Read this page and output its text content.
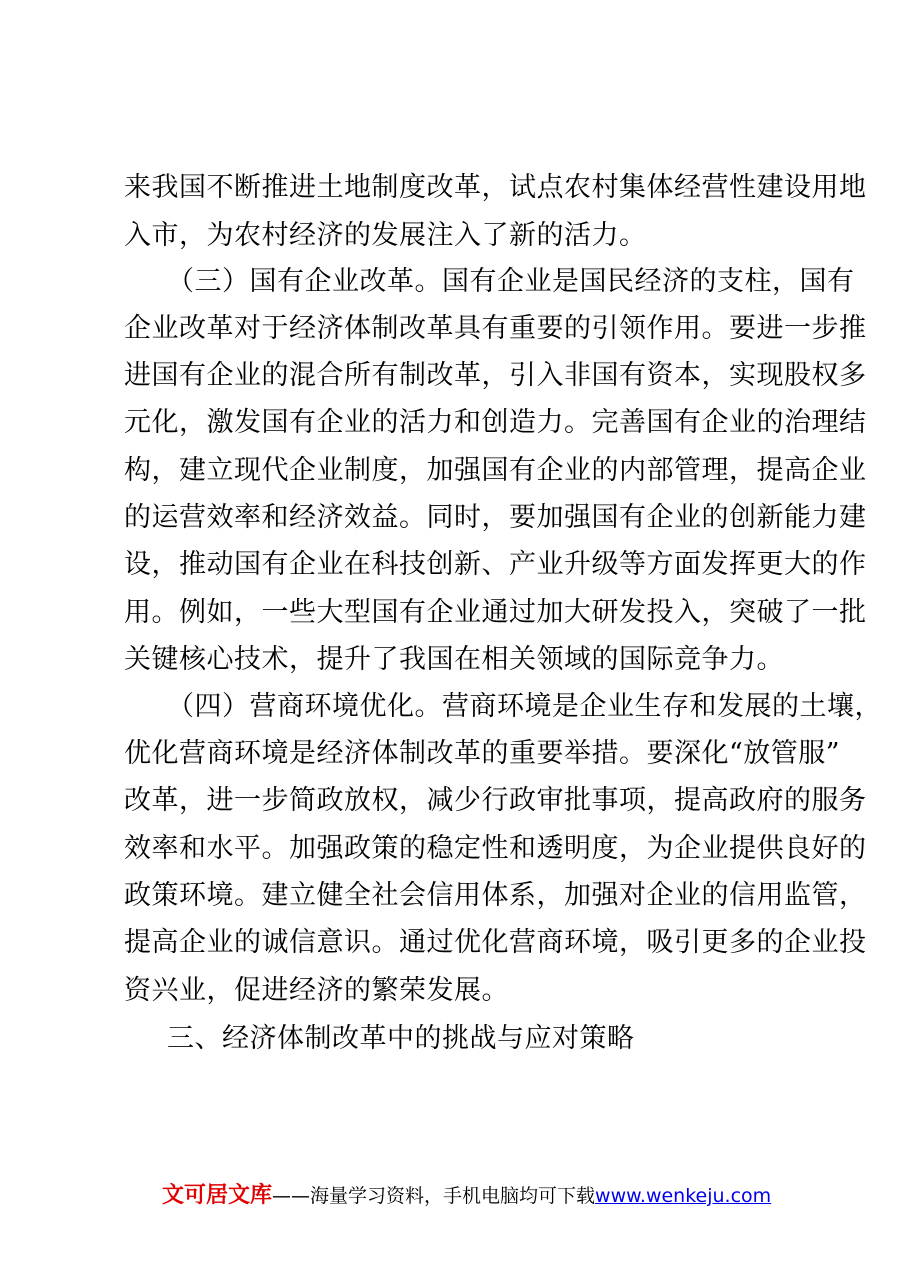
来我国不断推进土地制度改革，试点农村集体经营性建设用地
入市，为农村经济的发展注入了新的活力。
（三）国有企业改革。国有企业是国民经济的支柱，国有
企业改革对于经济体制改革具有重要的引领作用。要进一步推
进国有企业的混合所有制改革，引入非国有资本，实现股权多
元化，激发国有企业的活力和创造力。完善国有企业的治理结
构，建立现代企业制度，加强国有企业的内部管理，提高企业
的运营效率和经济效益。同时，要加强国有企业的创新能力建
设，推动国有企业在科技创新、产业升级等方面发挥更大的作
用。例如，一些大型国有企业通过加大研发投入，突破了一批
关键核心技术，提升了我国在相关领域的国际竞争力。
（四）营商环境优化。营商环境是企业生存和发展的土壤，
优化营商环境是经济体制改革的重要举措。要深化“放管服”
改革，进一步简政放权，减少行政审批事项，提高政府的服务
效率和水平。加强政策的稳定性和透明度，为企业提供良好的
政策环境。建立健全社会信用体系，加强对企业的信用监管，
提高企业的诚信意识。通过优化营商环境，吸引更多的企业投
资兴业，促进经济的繁荣发展。
三、经济体制改革中的挑战与应对策略
文可居文库——海量学习资料，手机电脑均可下载www.wenkeju.com
